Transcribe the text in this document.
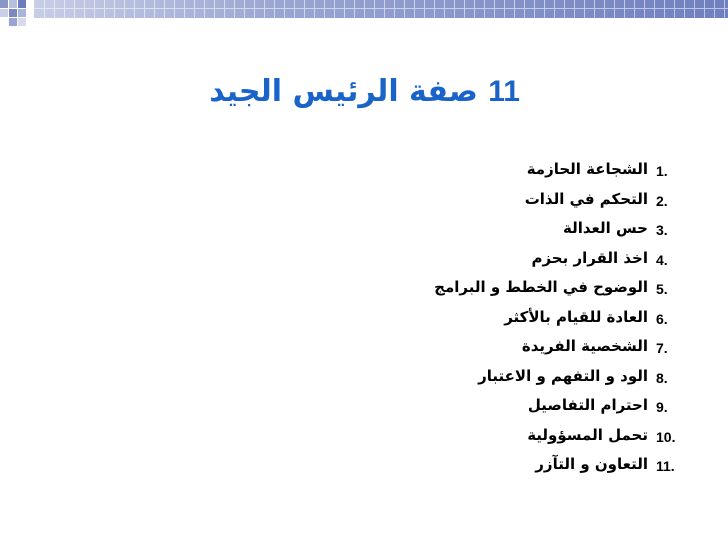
11 صفة الرئيس الجيد
1.
الشجاعة الحازمة
2.
التحكم في الذات
3.
حس العدالة
4.
اخذ القرار بحزم
5.
الوضوح في الخطط و البرامج
6.
العادة للقيام بالأكثر
7.
الشخصية الفريدة
8.
الود و التفهم و الاعتبار
9.
احترام التفاصيل
10.
تحمل المسؤولية
11.
التعاون و التآزر
